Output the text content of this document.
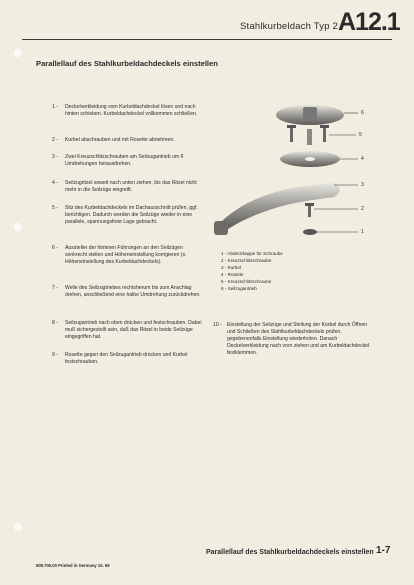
Stahlkurbeldach Typ 2 A12.1
Parallellauf des Stahlkurbeldachdeckels einstellen
1 - Deckelverkleidung vom Kurbeldachdeckel lösen und nach hinten schieben. Kurbeldachdeckel vollkommen schließen.
2 - Kurbel abschrauben und mit Rosette abnehmen.
3 - Zwei Kreuzschlitzschrauben am Seilzugantrieb um 6 Umdrehungen herausdrehen.
4 - Seilzugritzel soweit nach unten ziehen, bis das Ritzel nicht mehr in die Seilzüge eingreift.
5 - Sitz des Kurbeldachdeckels im Dachausschnitt prüfen, ggf. berichtigen. Dadurch werden die Seilzüge wieder in eine parallele, spannungsfreie Lage gebracht.
6 - Aussteller der hinteren Führungen an den Seilzügen senkrecht stellen und Höheneinstellung korrigieren (s. Höheneinstellung des Kurbeldachdeckels).
7 - Welle des Seilzugtriebes rechtsherum bis zum Anschlag drehen, anschließend eine halbe Umdrehung zurückdrehen.
8 - Seilzugantrieb nach oben drücken und festschrauben. Dabei muß sichergestellt sein, daß das Ritzel in beide Seilzüge eingegriffen hat.
9 - Rosette gegen den Seilzugantrieb drücken und Kurbel festschrauben.
10 - Einstellung der Seilzüge und Stellung der Korbel durch Öffnen und Schließen des Stahlkurbeldachdeckels prüfen, gegebenenfalls Einstellung wiederholen. Danach Deckelverkleidung nach vorn ziehen und am Kurbeldachdeckel festklemmen.
6
5
4
3
2
1
1 - Abdeckkappe für Schraube
2 - Kreuzschlitzschraube
3 - Kurbel
4 - Rosette
5 - Kreuzschlitzschraube
6 - Seilzugantrieb
Parallellauf des Stahlkurbeldachdeckels einstellen 1-7
509.700.00 Printed in Germany 10. 69
